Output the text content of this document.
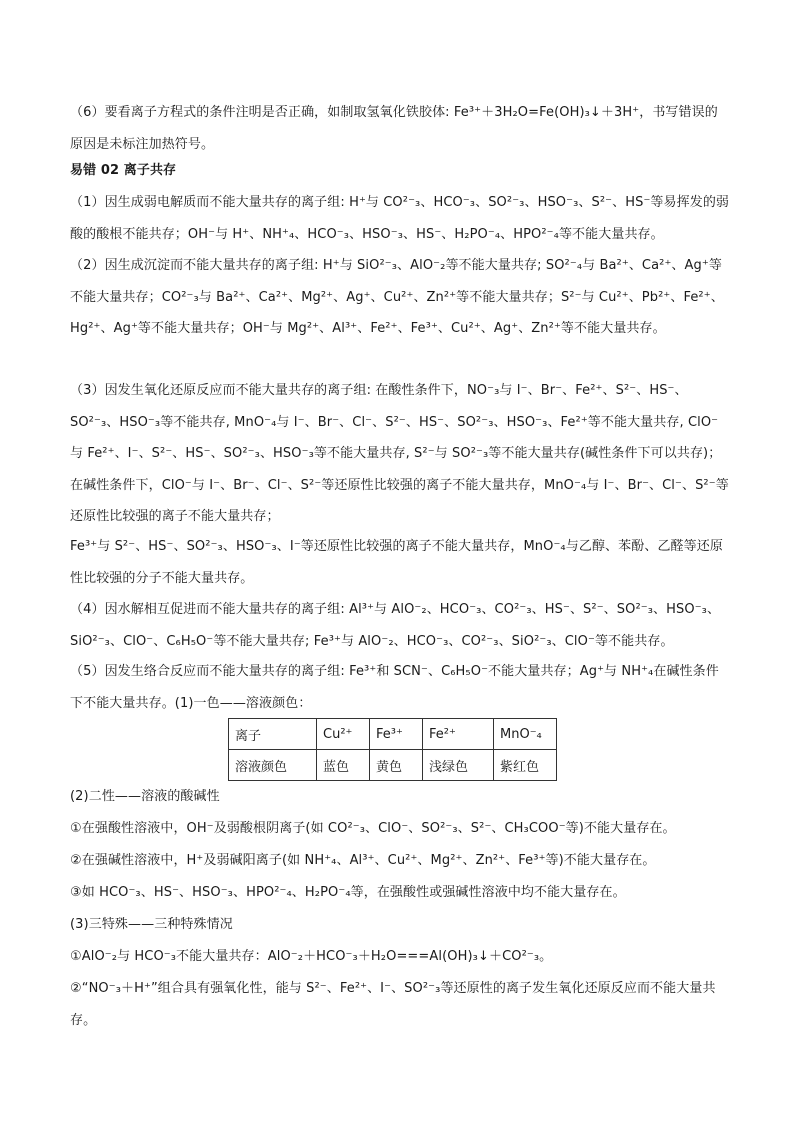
（6）要看离子方程式的条件注明是否正确，如制取氢氧化铁胶体: Fe³⁺＋3H₂O=Fe(OH)₃↓＋3H⁺，书写错误的原因是未标注加热符号。

易错 02 离子共存

（1）因生成弱电解质而不能大量共存的离子组: H⁺与 CO²⁻₃、HCO⁻₃、SO²⁻₃、HSO⁻₃、S²⁻、HS⁻等易挥发的弱酸的酸根不能共存；OH⁻与 H⁺、NH⁺₄、HCO⁻₃、HSO⁻₃、HS⁻、H₂PO⁻₄、HPO²⁻₄等不能大量共存。

（2）因生成沉淀而不能大量共存的离子组: H⁺与 SiO²⁻₃、AlO⁻₂等不能大量共存; SO²⁻₄与 Ba²⁺、Ca²⁺、Ag⁺等不能大量共存；CO²⁻₃与 Ba²⁺、Ca²⁺、Mg²⁺、Ag⁺、Cu²⁺、Zn²⁺等不能大量共存；S²⁻与 Cu²⁺、Pb²⁺、Fe²⁺、Hg²⁺、Ag⁺等不能大量共存；OH⁻与 Mg²⁺、Al³⁺、Fe²⁺、Fe³⁺、Cu²⁺、Ag⁺、Zn²⁺等不能大量共存。

（3）因发生氧化还原反应而不能大量共存的离子组: 在酸性条件下，NO⁻₃与 I⁻、Br⁻、Fe²⁺、S²⁻、HS⁻、SO²⁻₃、HSO⁻₃等不能共存, MnO⁻₄与 I⁻、Br⁻、Cl⁻、S²⁻、HS⁻、SO²⁻₃、HSO⁻₃、Fe²⁺等不能大量共存, ClO⁻与 Fe²⁺、I⁻、S²⁻、HS⁻、SO²⁻₃、HSO⁻₃等不能大量共存, S²⁻与 SO²⁻₃等不能大量共存(碱性条件下可以共存)；在碱性条件下，ClO⁻与 I⁻、Br⁻、Cl⁻、S²⁻等还原性比较强的离子不能大量共存，MnO⁻₄与 I⁻、Br⁻、Cl⁻、S²⁻等还原性比较强的离子不能大量共存；

Fe³⁺与 S²⁻、HS⁻、SO²⁻₃、HSO⁻₃、I⁻等还原性比较强的离子不能大量共存，MnO⁻₄与乙醇、苯酚、乙醛等还原性比较强的分子不能大量共存。

（4）因水解相互促进而不能大量共存的离子组: Al³⁺与 AlO⁻₂、HCO⁻₃、CO²⁻₃、HS⁻、S²⁻、SO²⁻₃、HSO⁻₃、SiO²⁻₃、ClO⁻、C₆H₅O⁻等不能大量共存; Fe³⁺与 AlO⁻₂、HCO⁻₃、CO²⁻₃、SiO²⁻₃、ClO⁻等不能共存。

（5）因发生络合反应而不能大量共存的离子组: Fe³⁺和 SCN⁻、C₆H₅O⁻不能大量共存；Ag⁺与 NH⁺₄在碱性条件下不能大量共存。(1)一色——溶液颜色：

离子	Cu²⁺	Fe³⁺	Fe²⁺	MnO⁻₄
溶液颜色	蓝色	黄色	浅绿色	紫红色

(2)二性——溶液的酸碱性

①在强酸性溶液中，OH⁻及弱酸根阴离子(如 CO²⁻₃、ClO⁻、SO²⁻₃、S²⁻、CH₃COO⁻等)不能大量存在。

②在强碱性溶液中，H⁺及弱碱阳离子(如 NH⁺₄、Al³⁺、Cu²⁺、Mg²⁺、Zn²⁺、Fe³⁺等)不能大量存在。

③如 HCO⁻₃、HS⁻、HSO⁻₃、HPO²⁻₄、H₂PO⁻₄等，在强酸性或强碱性溶液中均不能大量存在。

(3)三特殊——三种特殊情况

①AlO⁻₂与 HCO⁻₃不能大量共存：AlO⁻₂＋HCO⁻₃＋H₂O===Al(OH)₃↓＋CO²⁻₃。

②“NO⁻₃＋H⁺”组合具有强氧化性，能与 S²⁻、Fe²⁺、I⁻、SO²⁻₃等还原性的离子发生氧化还原反应而不能大量共存。
